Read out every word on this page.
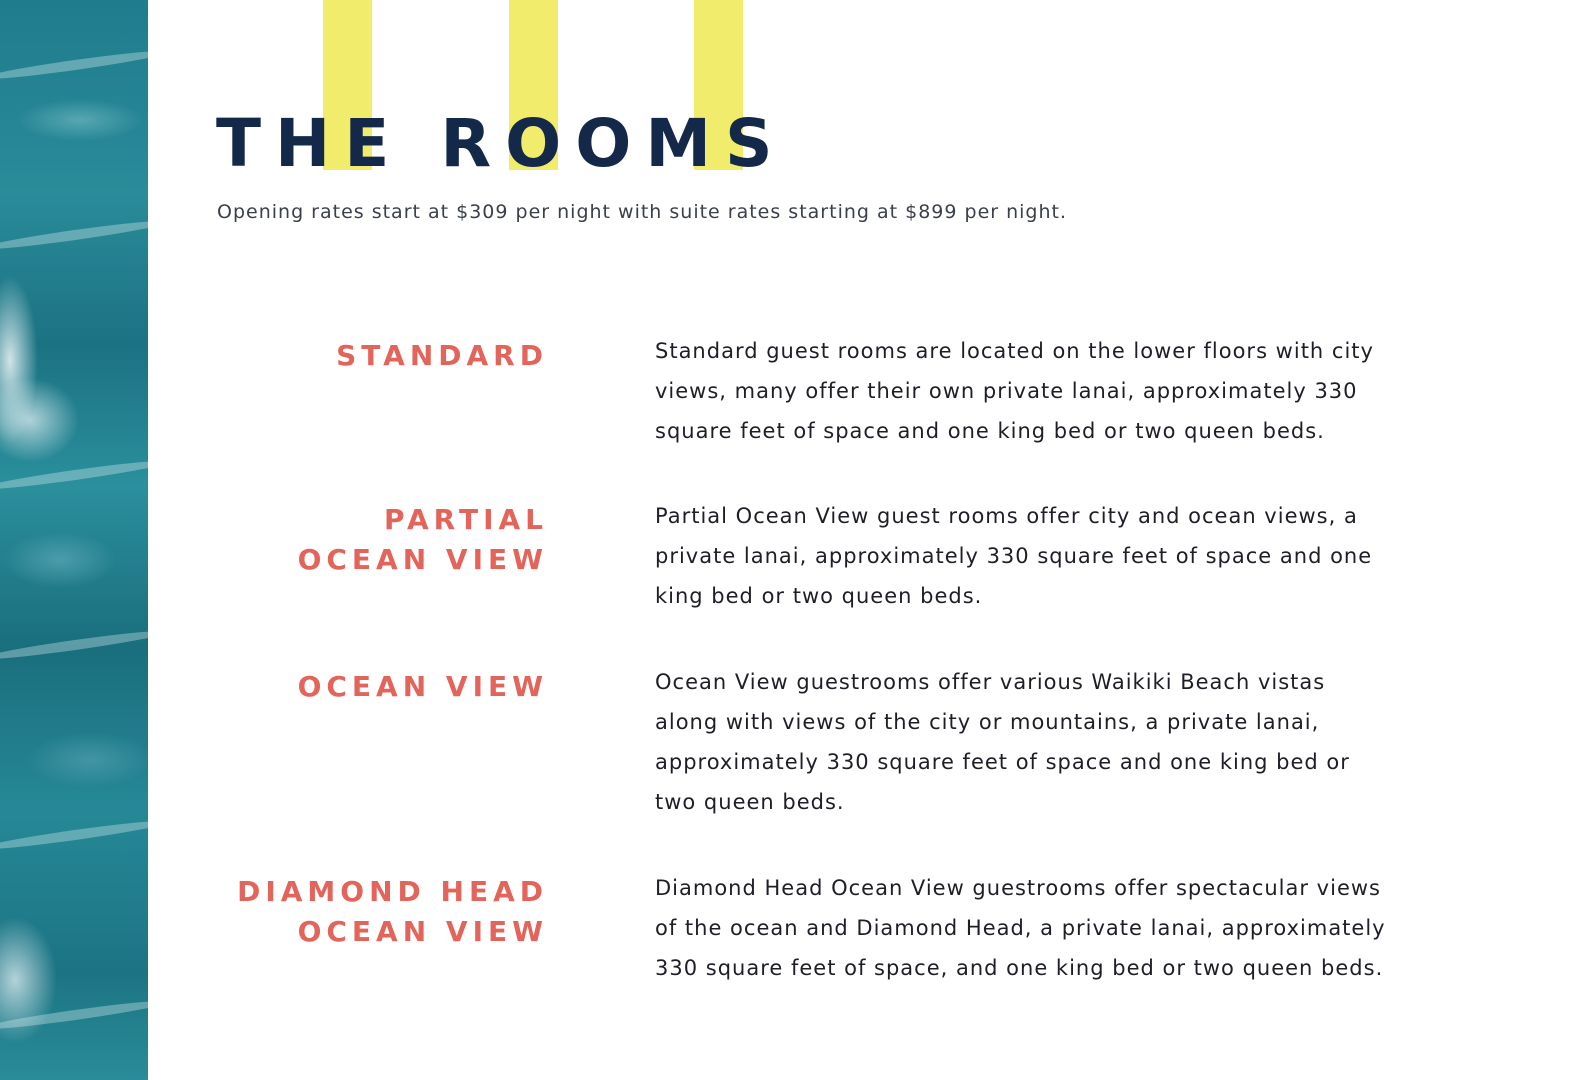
THE ROOMS

Opening rates start at $309 per night with suite rates starting at $899 per night.

STANDARD	Standard guest rooms are located on the lower floors with city views, many offer their own private lanai, approximately 330 square feet of space and one king bed or two queen beds.

PARTIAL
OCEAN VIEW

Partial Ocean View guest rooms offer city and ocean views, a private lanai, approximately 330 square feet of space and one king bed or two queen beds.

OCEAN VIEW	Ocean View guestrooms offer various Waikiki Beach vistas along with views of the city or mountains, a private lanai, approximately 330 square feet of space and one king bed or two queen beds.

DIAMOND HEAD
OCEAN VIEW

Diamond Head Ocean View guestrooms offer spectacular views of the ocean and Diamond Head, a private lanai, approximately 330 square feet of space, and one king bed or two queen beds.
